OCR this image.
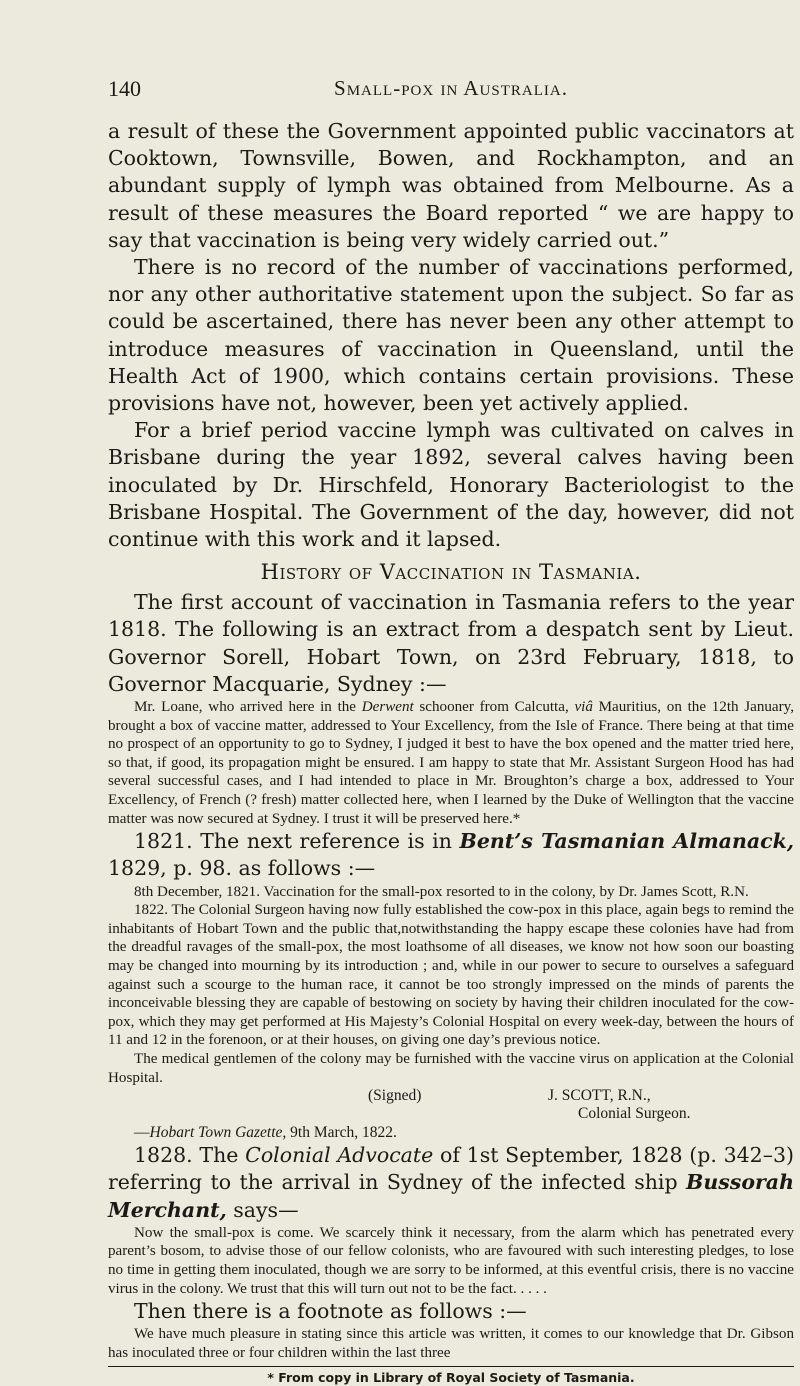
140	Small-pox in Australia.

a result of these the Government appointed public vaccinators at Cooktown, Townsville, Bowen, and Rockhampton, and an abundant supply of lymph was obtained from Melbourne. As a result of these measures the Board reported “ we are happy to say that vaccination is being very widely carried out.”

There is no record of the number of vaccinations performed, nor any other authoritative statement upon the subject. So far as could be ascertained, there has never been any other attempt to introduce measures of vaccination in Queensland, until the Health Act of 1900, which contains certain provisions. These provisions have not, however, been yet actively applied.

For a brief period vaccine lymph was cultivated on calves in Brisbane during the year 1892, several calves having been inoculated by Dr. Hirschfeld, Honorary Bacteriologist to the Brisbane Hospital. The Government of the day, however, did not continue with this work and it lapsed.

History of Vaccination in Tasmania.

The first account of vaccination in Tasmania refers to the year 1818. The following is an extract from a despatch sent by Lieut. Governor Sorell, Hobart Town, on 23rd February, 1818, to Governor Macquarie, Sydney :—

Mr. Loane, who arrived here in the Derwent schooner from Calcutta, viâ Mauritius, on the 12th January, brought a box of vaccine matter, addressed to Your Excellency, from the Isle of France. There being at that time no prospect of an opportunity to go to Sydney, I judged it best to have the box opened and the matter tried here, so that, if good, its propagation might be ensured. I am happy to state that Mr. Assistant Surgeon Hood has had several successful cases, and I had intended to place in Mr. Broughton’s charge a box, addressed to Your Excellency, of French (? fresh) matter collected here, when I learned by the Duke of Wellington that the vaccine matter was now secured at Sydney. I trust it will be preserved here.*

1821. The next reference is in Bent’s Tasmanian Almanack, 1829, p. 98. as follows :—

8th December, 1821. Vaccination for the small-pox resorted to in the colony, by Dr. James Scott, R.N.

1822. The Colonial Surgeon having now fully established the cow-pox in this place, again begs to remind the inhabitants of Hobart Town and the public that,notwithstanding the happy escape these colonies have had from the dreadful ravages of the small-pox, the most loathsome of all diseases, we know not how soon our boasting may be changed into mourning by its introduction ; and, while in our power to secure to ourselves a safeguard against such a scourge to the human race, it cannot be too strongly impressed on the minds of parents the inconceivable blessing they are capable of bestowing on society by having their children inoculated for the cow-pox, which they may get performed at His Majesty’s Colonial Hospital on every week-day, between the hours of 11 and 12 in the forenoon, or at their houses, on giving one day’s previous notice.

The medical gentlemen of the colony may be furnished with the vaccine virus on application at the Colonial Hospital.

(Signed)	J. SCOTT, R.N.,
Colonial Surgeon.

—Hobart Town Gazette, 9th March, 1822.

1828. The Colonial Advocate of 1st September, 1828 (p. 342–3) referring to the arrival in Sydney of the infected ship Bussorah Merchant, says—

Now the small-pox is come. We scarcely think it necessary, from the alarm which has penetrated every parent’s bosom, to advise those of our fellow colonists, who are favoured with such interesting pledges, to lose no time in getting them inoculated, though we are sorry to be informed, at this eventful crisis, there is no vaccine virus in the colony. We trust that this will turn out not to be the fact. . . . .

Then there is a footnote as follows :—

We have much pleasure in stating since this article was written, it comes to our knowledge that Dr. Gibson has inoculated three or four children within the last three

* From copy in Library of Royal Society of Tasmania.
